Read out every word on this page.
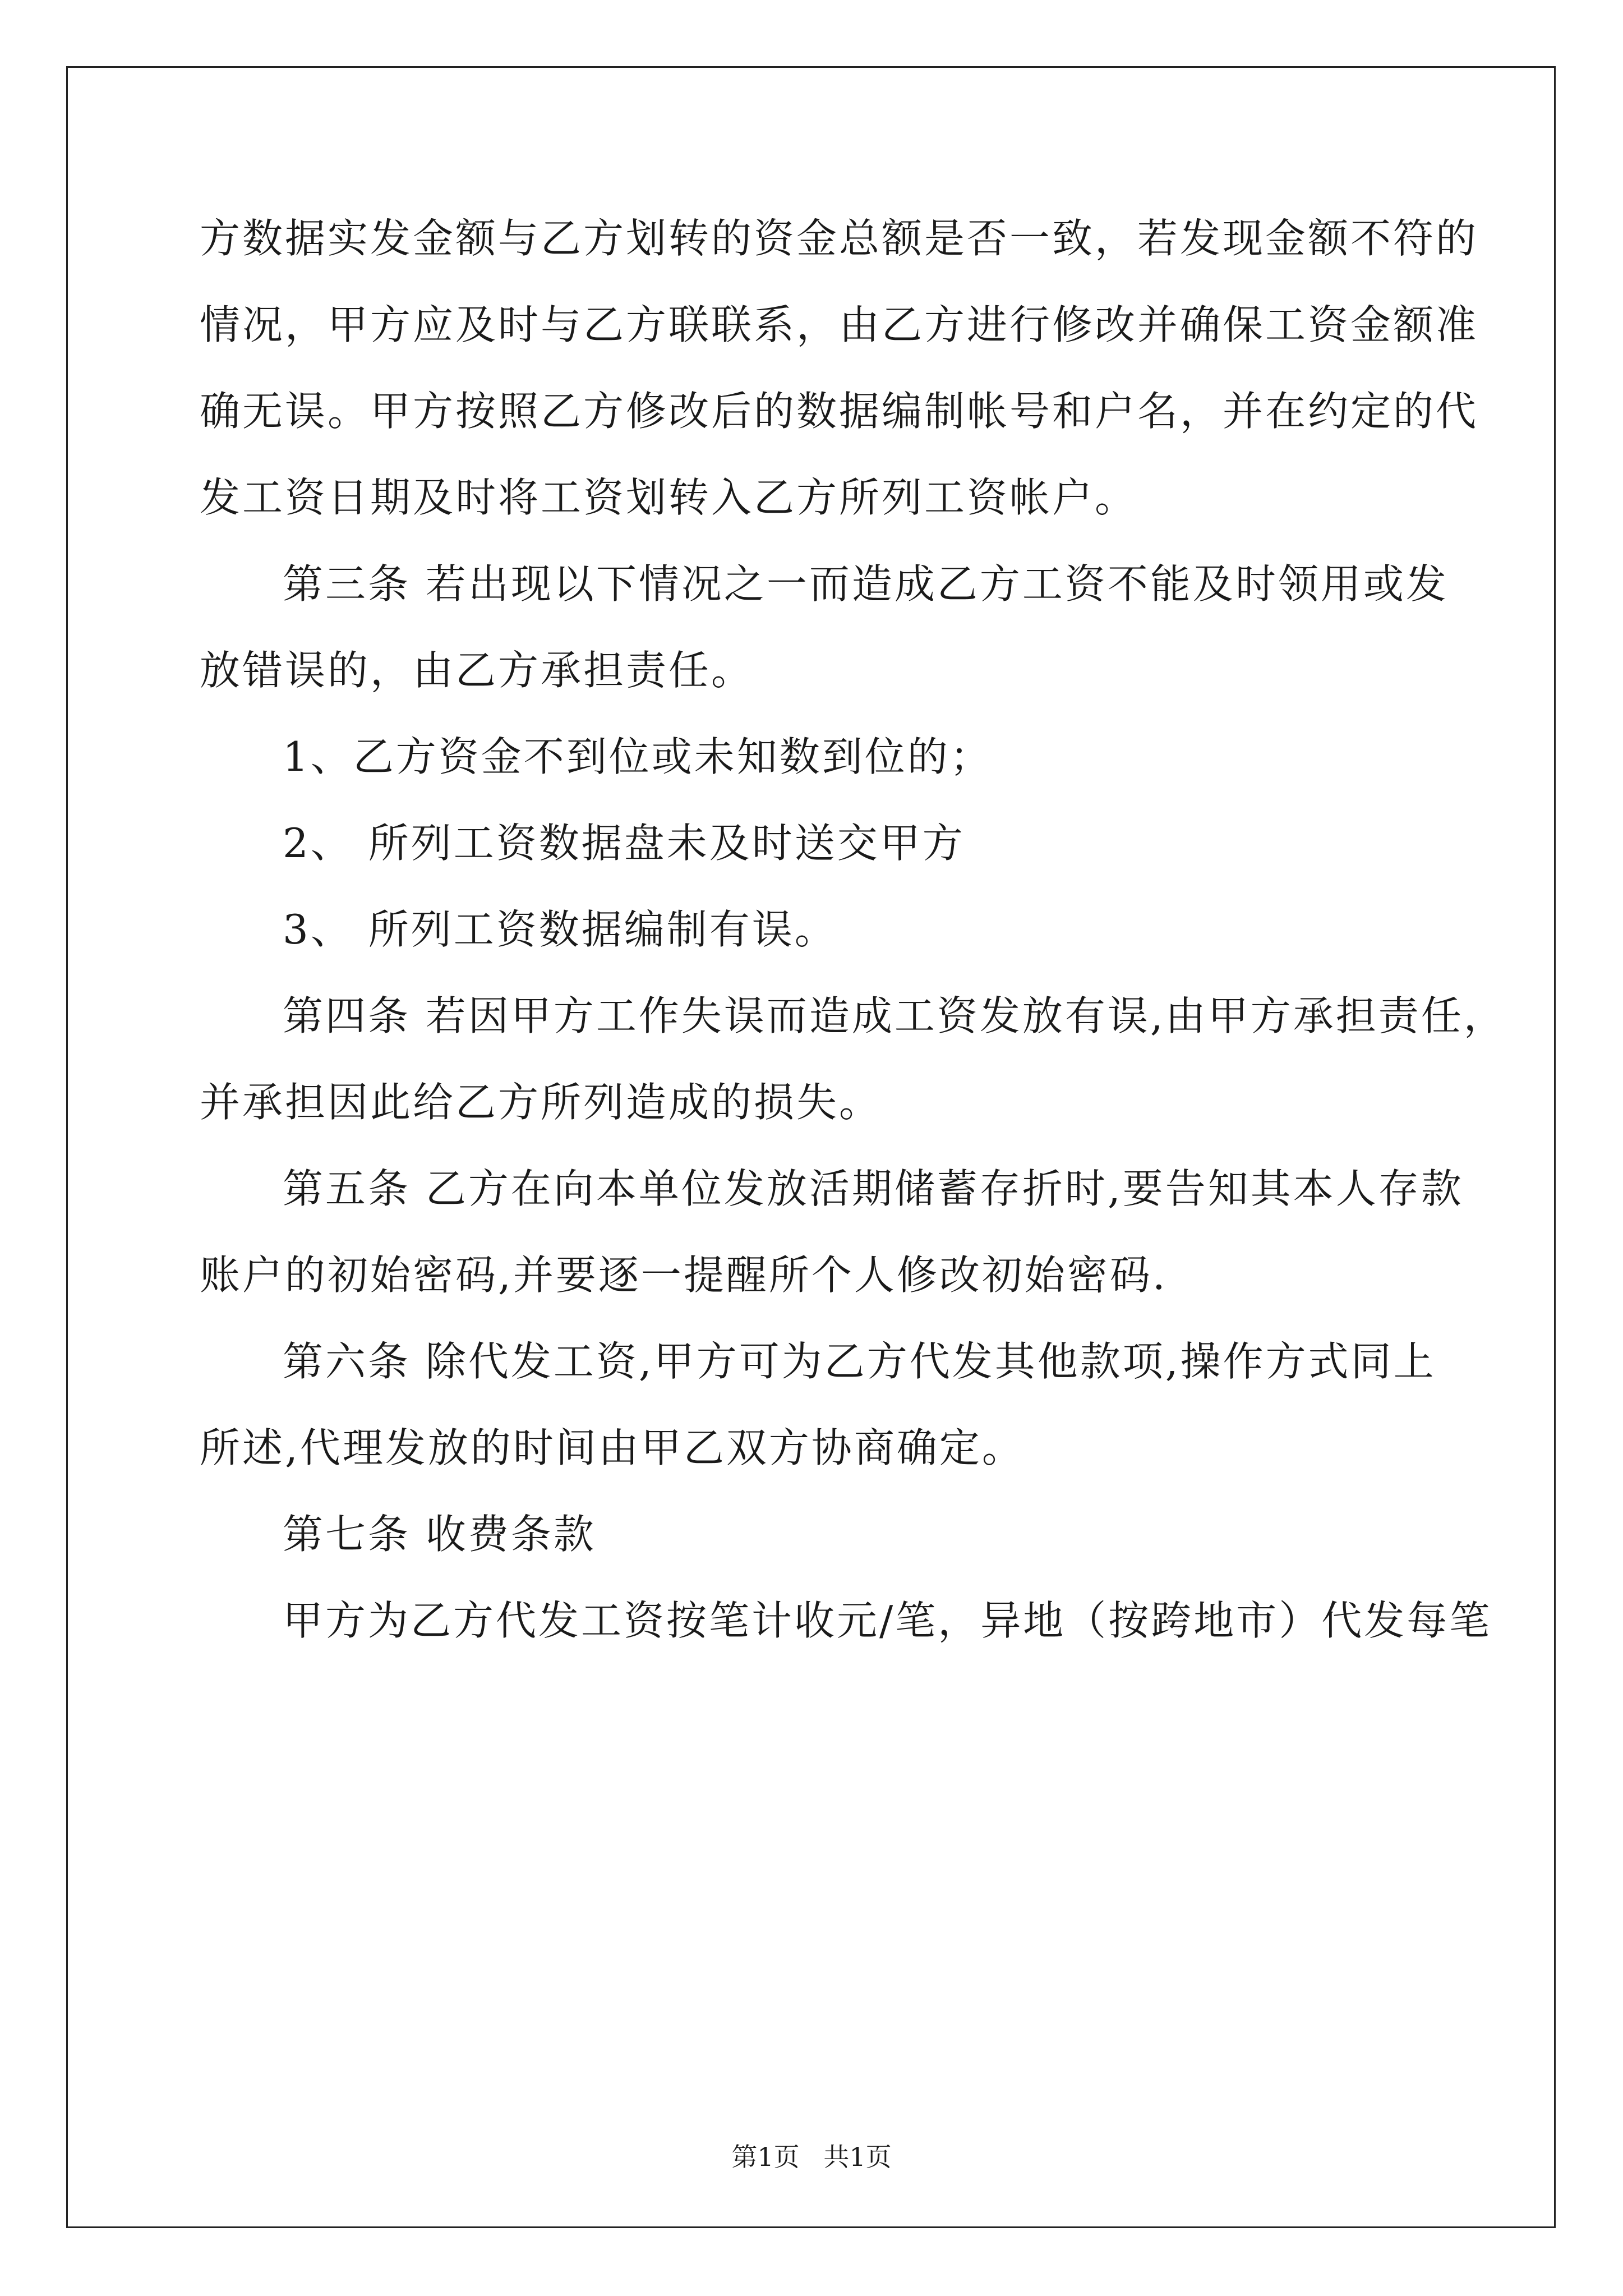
方数据实发金额与乙方划转的资金总额是否一致，若发现金额不符的
情况，甲方应及时与乙方联联系，由乙方进行修改并确保工资金额准
确无误。甲方按照乙方修改后的数据编制帐号和户名，并在约定的代
发工资日期及时将工资划转入乙方所列工资帐户。
第三条 若出现以下情况之一而造成乙方工资不能及时领用或发
放错误的，由乙方承担责任。
1、乙方资金不到位或未知数到位的；
2、 所列工资数据盘未及时送交甲方
3、 所列工资数据编制有误。
第四条 若因甲方工作失误而造成工资发放有误,由甲方承担责任，
并承担因此给乙方所列造成的损失。
第五条 乙方在向本单位发放活期储蓄存折时,要告知其本人存款
账户的初始密码,并要逐一提醒所个人修改初始密码.
第六条 除代发工资,甲方可为乙方代发其他款项,操作方式同上
所述,代理发放的时间由甲乙双方协商确定。
第七条 收费条款
甲方为乙方代发工资按笔计收元/笔，异地（按跨地市）代发每笔
第1页 共1页
